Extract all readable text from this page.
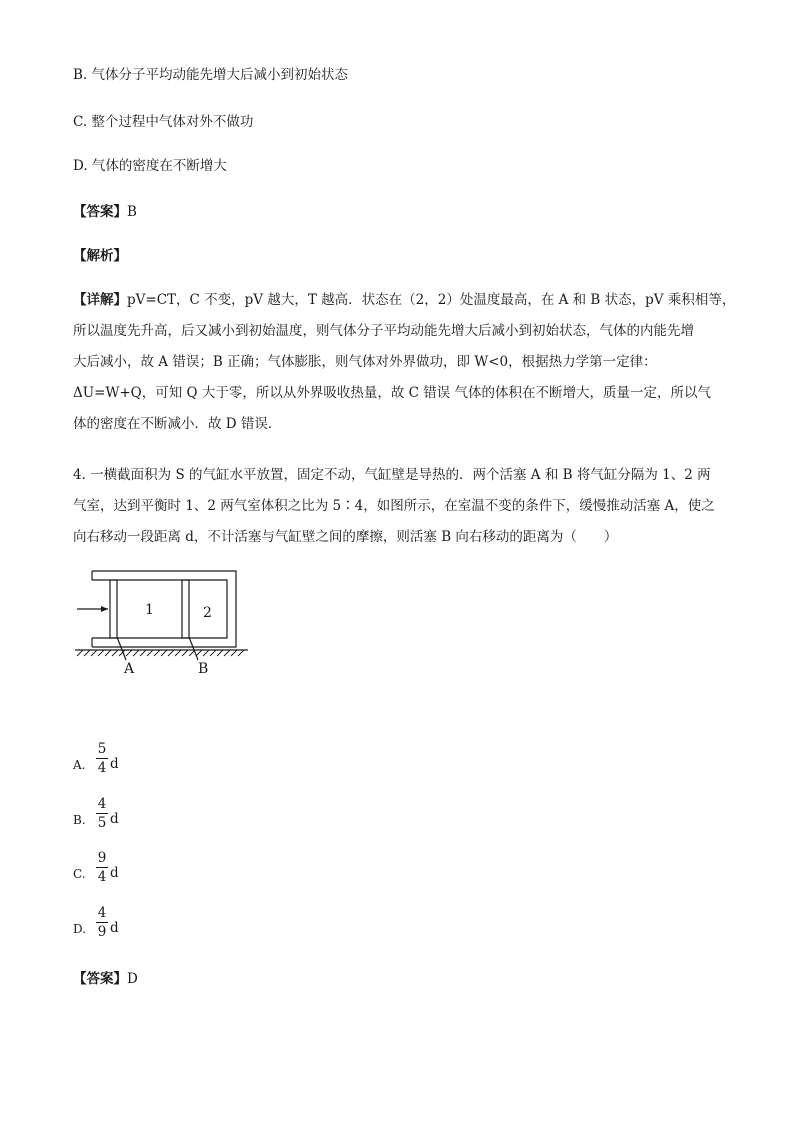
B. 气体分子平均动能先增大后减小到初始状态
C. 整个过程中气体对外不做功
D. 气体的密度在不断增大
【答案】B
【解析】
【详解】pV=CT，C 不变，pV 越大，T 越高．状态在（2，2）处温度最高，在 A 和 B 状态，pV 乘积相等，
所以温度先升高，后又减小到初始温度，则气体分子平均动能先增大后减小到初始状态，气体的内能先增
大后减小，故 A 错误；B 正确；气体膨胀，则气体对外界做功，即 W<0，根据热力学第一定律：
ΔU=W+Q，可知 Q 大于零，所以从外界吸收热量，故 C 错误 气体的体积在不断增大，质量一定，所以气
体的密度在不断减小．故 D 错误．
4. 一横截面积为 S 的气缸水平放置，固定不动，气缸壁是导热的．两个活塞 A 和 B 将气缸分隔为 1、2 两
气室，达到平衡时 1、2 两气室体积之比为 5∶4，如图所示，在室温不变的条件下，缓慢推动活塞 A，使之
向右移动一段距离 d，不计活塞与气缸壁之间的摩擦，则活塞 B 向右移动的距离为（　　）
1	2
A	B
A.
5
4 d
B.
4
5 d
C.
9
4 d
D.
4
9 d
【答案】D
